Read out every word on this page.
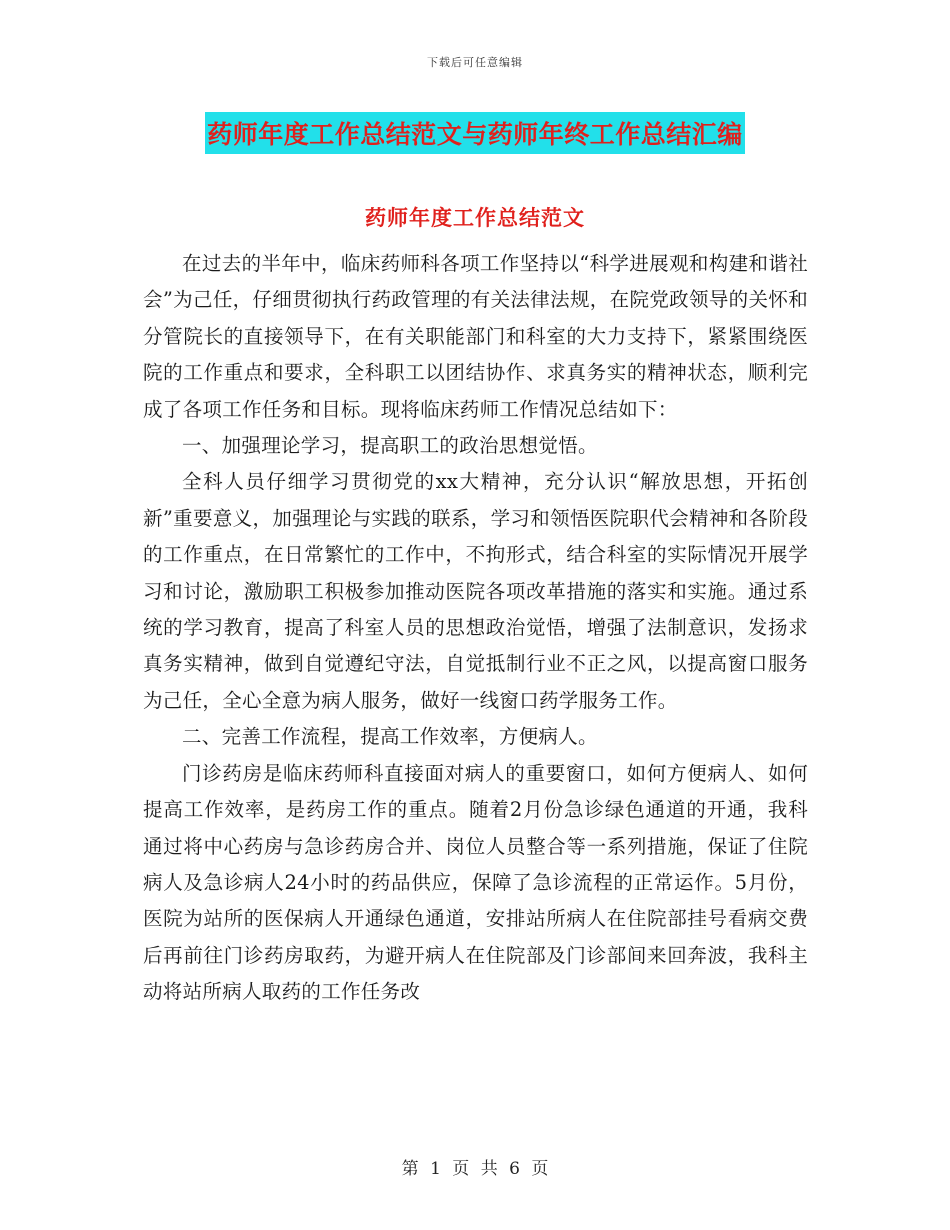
下载后可任意编辑
药师年度工作总结范文与药师年终工作总结汇编
药师年度工作总结范文

在过去的半年中，临床药师科各项工作坚持以“科学进展观和构建和谐社会”为己任，仔细贯彻执行药政管理的有关法律法规，在院党政领导的关怀和分管院长的直接领导下，在有关职能部门和科室的大力支持下，紧紧围绕医院的工作重点和要求，全科职工以团结协作、求真务实的精神状态，顺利完成了各项工作任务和目标。现将临床药师工作情况总结如下：

一、加强理论学习，提高职工的政治思想觉悟。

全科人员仔细学习贯彻党的xx大精神，充分认识“解放思想，开拓创新”重要意义，加强理论与实践的联系，学习和领悟医院职代会精神和各阶段的工作重点，在日常繁忙的工作中，不拘形式，结合科室的实际情况开展学习和讨论，激励职工积极参加推动医院各项改革措施的落实和实施。通过系统的学习教育，提高了科室人员的思想政治觉悟，增强了法制意识，发扬求真务实精神，做到自觉遵纪守法，自觉抵制行业不正之风，以提高窗口服务为己任，全心全意为病人服务，做好一线窗口药学服务工作。

二、完善工作流程，提高工作效率，方便病人。

门诊药房是临床药师科直接面对病人的重要窗口，如何方便病人、如何提高工作效率，是药房工作的重点。随着2月份急诊绿色通道的开通，我科通过将中心药房与急诊药房合并、岗位人员整合等一系列措施，保证了住院病人及急诊病人24小时的药品供应，保障了急诊流程的正常运作。5月份，医院为站所的医保病人开通绿色通道，安排站所病人在住院部挂号看病交费后再前往门诊药房取药，为避开病人在住院部及门诊部间来回奔波，我科主动将站所病人取药的工作任务改

第 1 页 共 6 页
